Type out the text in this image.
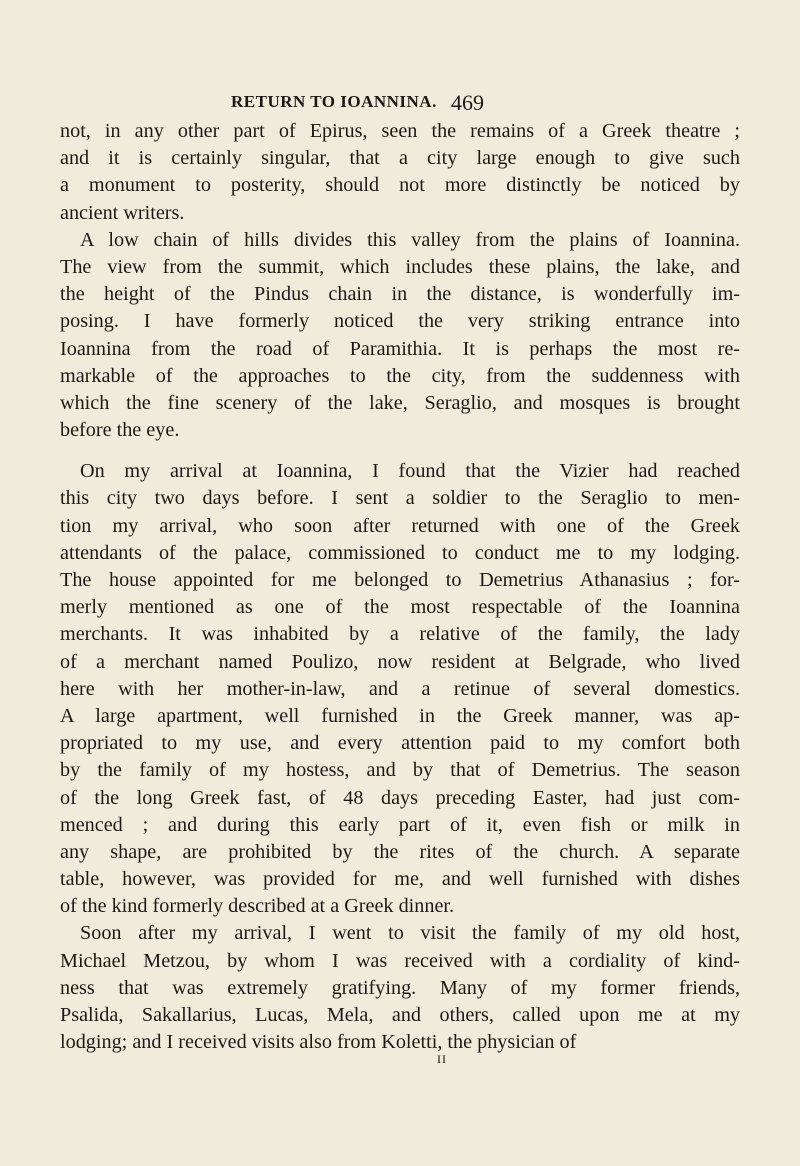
RETURN TO IOANNINA. 469
not, in any other part of Epirus, seen the remains of a Greek theatre ;
and it is certainly singular, that a city large enough to give such
a monument to posterity, should not more distinctly be noticed by
ancient writers.
A low chain of hills divides this valley from the plains of Ioannina.
The view from the summit, which includes these plains, the lake, and
the height of the Pindus chain in the distance, is wonderfully im-
posing. I have formerly noticed the very striking entrance into
Ioannina from the road of Paramithia. It is perhaps the most re-
markable of the approaches to the city, from the suddenness with
which the fine scenery of the lake, Seraglio, and mosques is brought
before the eye.
On my arrival at Ioannina, I found that the Vizier had reached
this city two days before. I sent a soldier to the Seraglio to men-
tion my arrival, who soon after returned with one of the Greek
attendants of the palace, commissioned to conduct me to my lodging.
The house appointed for me belonged to Demetrius Athanasius ; for-
merly mentioned as one of the most respectable of the Ioannina
merchants. It was inhabited by a relative of the family, the lady
of a merchant named Poulizo, now resident at Belgrade, who lived
here with her mother-in-law, and a retinue of several domestics.
A large apartment, well furnished in the Greek manner, was ap-
propriated to my use, and every attention paid to my comfort both
by the family of my hostess, and by that of Demetrius. The season
of the long Greek fast, of 48 days preceding Easter, had just com-
menced ; and during this early part of it, even fish or milk in
any shape, are prohibited by the rites of the church. A separate
table, however, was provided for me, and well furnished with dishes
of the kind formerly described at a Greek dinner.
Soon after my arrival, I went to visit the family of my old host,
Michael Metzou, by whom I was received with a cordiality of kind-
ness that was extremely gratifying. Many of my former friends,
Psalida, Sakallarius, Lucas, Mela, and others, called upon me at my
lodging; and I received visits also from Koletti, the physician of
II
